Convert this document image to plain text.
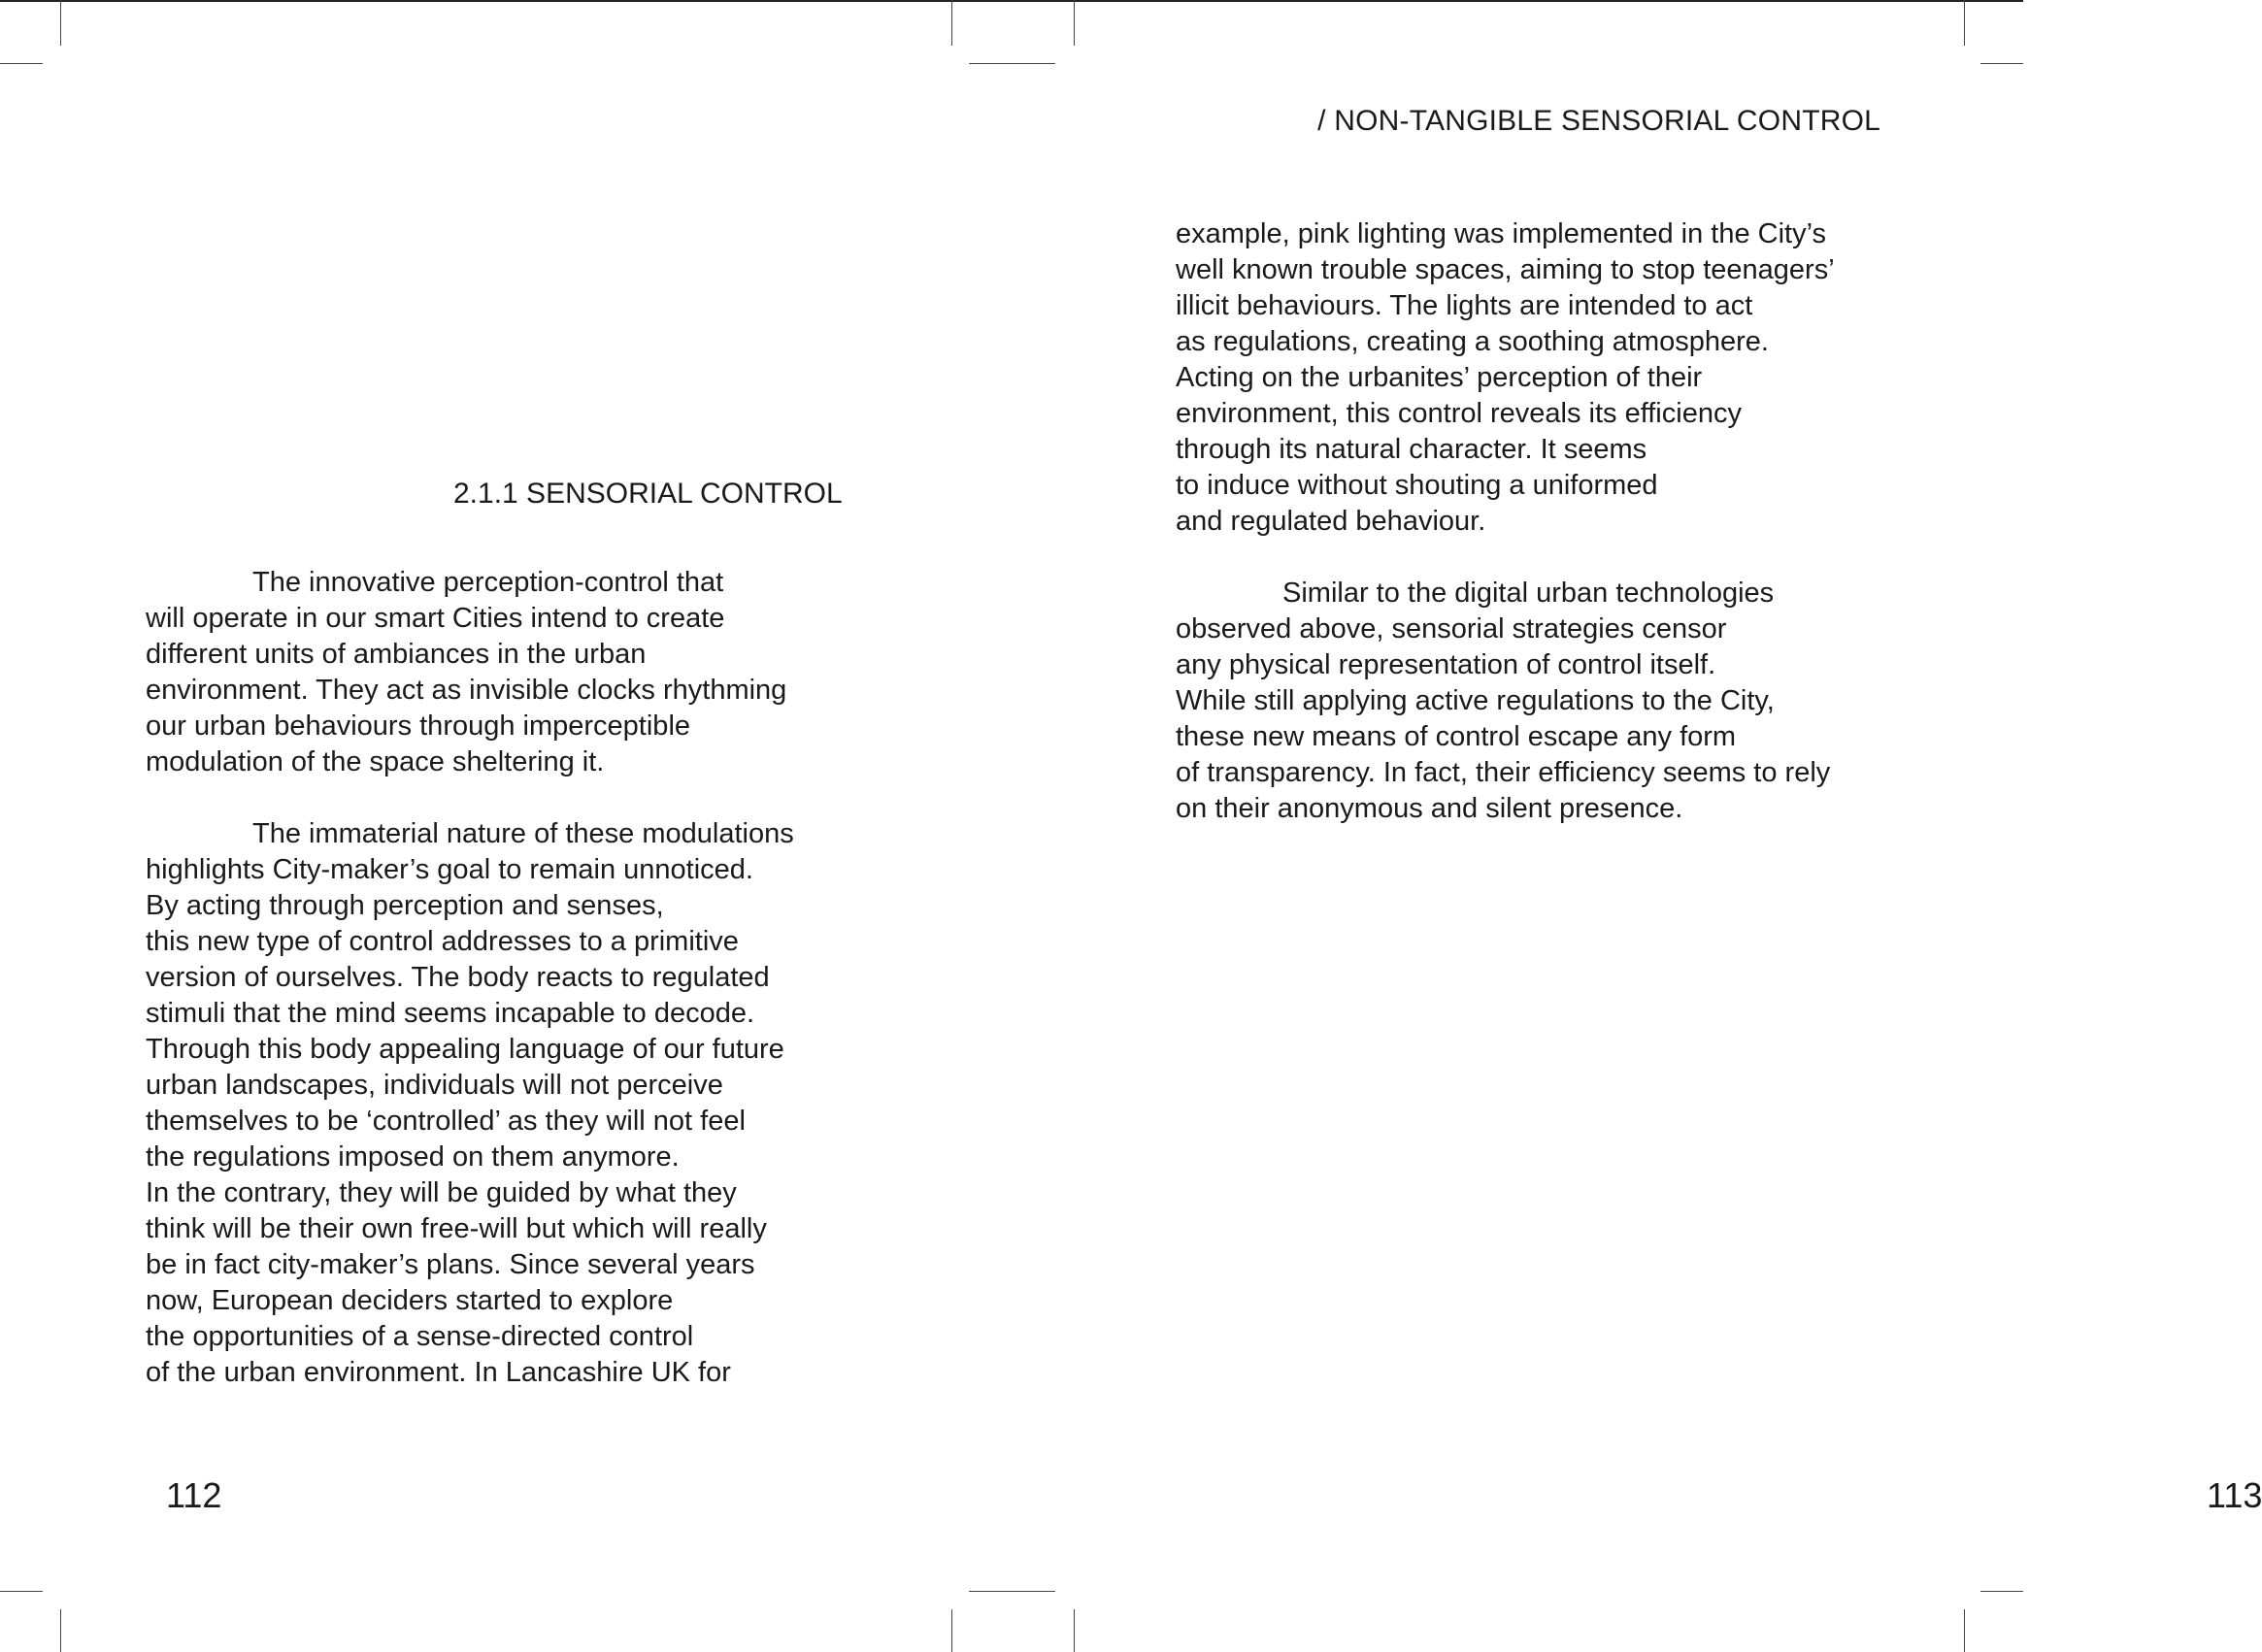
2.1.1 SENSORIAL CONTROL
112
The innovative perception-control that
will operate in our smart Cities intend to create
different units of ambiances in the urban
environment. They act as invisible clocks rhythming
our urban behaviours through imperceptible
modulation of the space sheltering it.
The immaterial nature of these modulations
highlights City-maker’s goal to remain unnoticed.
By acting through perception and senses,
this new type of control addresses to a primitive
version of ourselves. The body reacts to regulated
stimuli that the mind seems incapable to decode.
Through this body appealing language of our future
urban landscapes, individuals will not perceive
themselves to be ‘controlled’ as they will not feel
the regulations imposed on them anymore.
In the contrary, they will be guided by what they
think will be their own free-will but which will really
be in fact city-maker’s plans. Since several years
now, European deciders started to explore
the opportunities of a sense-directed control
of the urban environment. In Lancashire UK for
/ NON-TANGIBLE SENSORIAL CONTROL
113
example, pink lighting was implemented in the City’s
well known trouble spaces, aiming to stop teenagers’
illicit behaviours. The lights are intended to act
as regulations, creating a soothing atmosphere.
Acting on the urbanites’ perception of their
environment, this control reveals its efficiency
through its natural character. It seems
to induce without shouting a uniformed
and regulated behaviour.
Similar to the digital urban technologies
observed above, sensorial strategies censor
any physical representation of control itself.
While still applying active regulations to the City,
these new means of control escape any form
of transparency. In fact, their efficiency seems to rely
on their anonymous and silent presence.
